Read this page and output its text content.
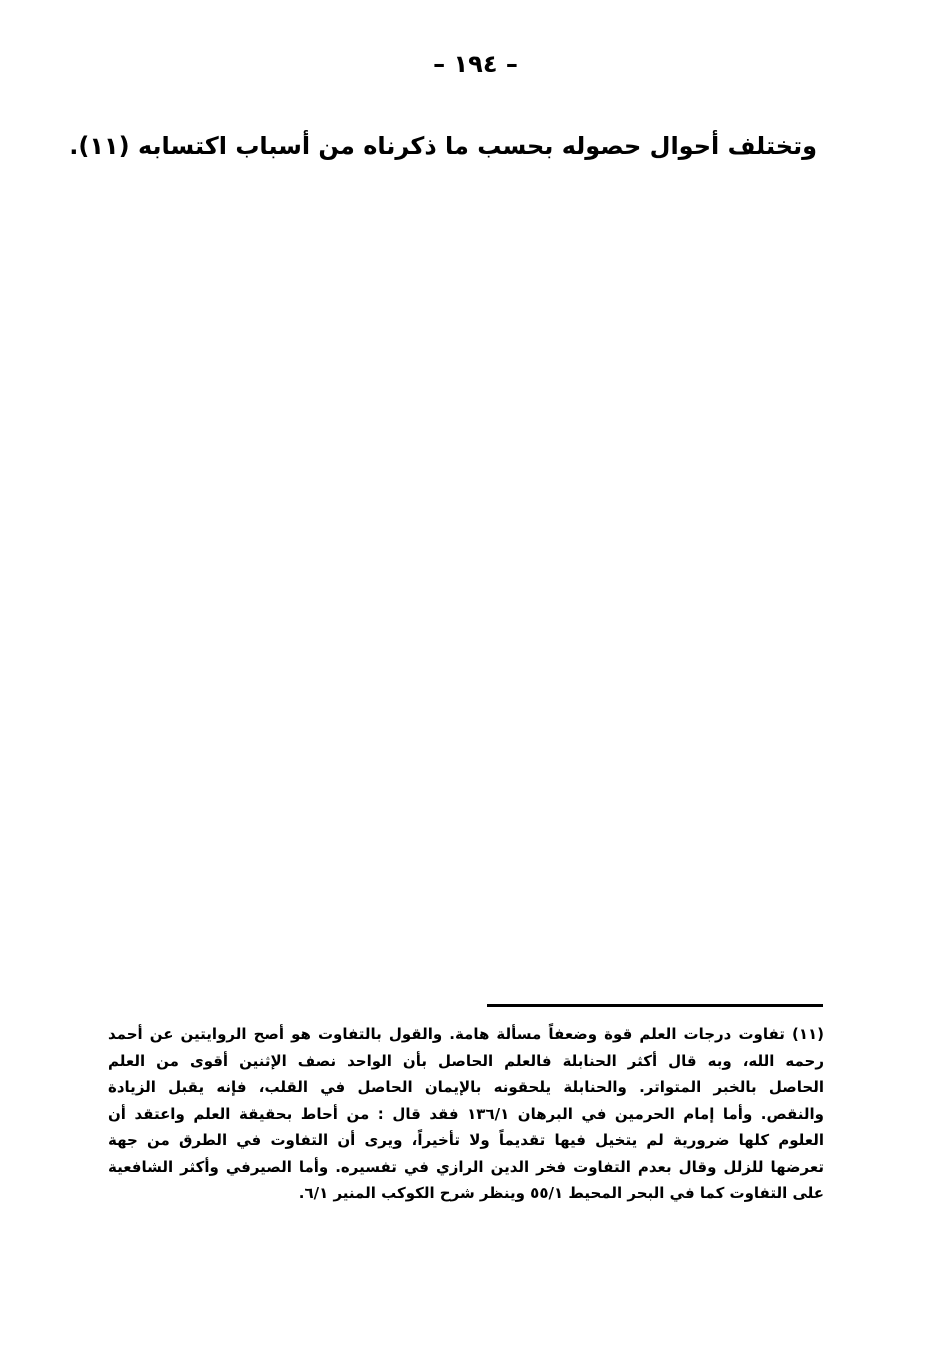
– ١٩٤ –
وتختلف أحوال حصوله بحسب ما ذكرناه من أسباب اكتسابه (١١).
(١١) تفاوت درجات العلم قوة وضعفاً مسألة هامة. والقول بالتفاوت هو أصح الروايتين عن أحمد
رحمه الله، وبه قال أكثر الحنابلة فالعلم الحاصل بأن الواحد نصف الإثنين أقوى من العلم
الحاصل بالخبر المتواتر. والحنابلة يلحقونه بالإيمان الحاصل في القلب، فإنه يقبل الزيادة
والنقص. وأما إمام الحرمين في البرهان ١٣٦/١ فقد قال : من أحاط بحقيقة العلم واعتقد أن
العلوم كلها ضرورية لم يتخيل فيها تقديماً ولا تأخيراً، ويرى أن التفاوت في الطرق من جهة
تعرضها للزلل وقال بعدم التفاوت فخر الدين الرازي في تفسيره. وأما الصيرفي وأكثر الشافعية
على التفاوت كما في البحر المحيط ٥٥/١ وينظر شرح الكوكب المنير ٦/١.
